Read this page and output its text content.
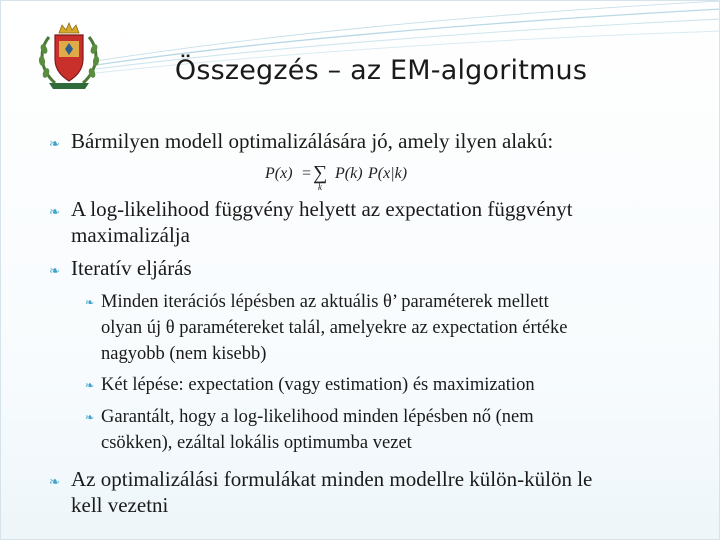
Összegzés – az EM-algoritmus
❧ Bármilyen modell optimalizálására jó, amely ilyen alakú:
P(x) = ∑
k
P(k) P(x|k)
❧ A log-likelihood függvény helyett az expectation függvényt
maximalizálja
❧ Iteratív eljárás
❧ Minden iterációs lépésben az aktuális θ’ paraméterek mellett
olyan új θ paramétereket talál, amelyekre az expectation értéke
nagyobb (nem kisebb)
❧ Két lépése: expectation (vagy estimation) és maximization
❧ Garantált, hogy a log-likelihood minden lépésben nő (nem
csökken), ezáltal lokális optimumba vezet
❧ Az optimalizálási formulákat minden modellre külön-külön le
kell vezetni
